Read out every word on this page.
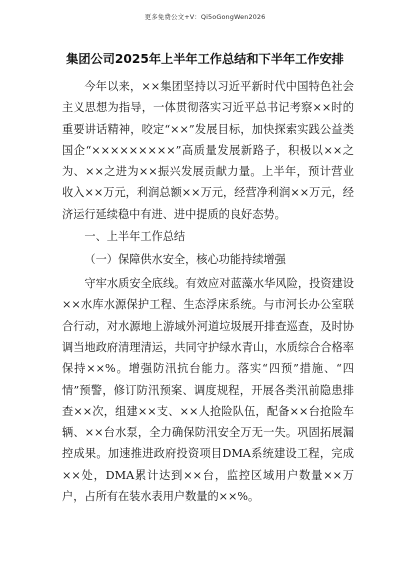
更多免费公文+V：Qi5oGongWen2026
集团公司2025年上半年工作总结和下半年工作安排

今年以来，××集团坚持以习近平新时代中国特色社会主义思想为指导，一体贯彻落实习近平总书记考察××时的重要讲话精神，咬定“××”发展目标，加快探索实践公益类国企“×××××××××”高质量发展新路子，积极以××之为、××之进为××振兴发展贡献力量。上半年，预计营业收入××万元，利润总额××万元，经营净利润××万元，经济运行延续稳中有进、进中提质的良好态势。

一、上半年工作总结

（一）保障供水安全，核心功能持续增强

守牢水质安全底线。有效应对蓝藻水华风险，投资建设××水库水源保护工程、生态浮床系统。与市河长办公室联合行动，对水源地上游域外河道垃圾展开排查巡查，及时协调当地政府清理清运，共同守护绿水青山，水质综合合格率保持××%。增强防汛抗台能力。落实“四预”措施、“四情”预警，修订防汛预案、调度规程，开展各类汛前隐患排查××次，组建××支、××人抢险队伍，配备××台抢险车辆、××台水泵，全力确保防汛安全万无一失。巩固拓展漏控成果。加速推进政府投资项目DMA系统建设工程，完成××处，DMA累计达到××台，监控区域用户数量××万户，占所有在装水表用户数量的××%。
